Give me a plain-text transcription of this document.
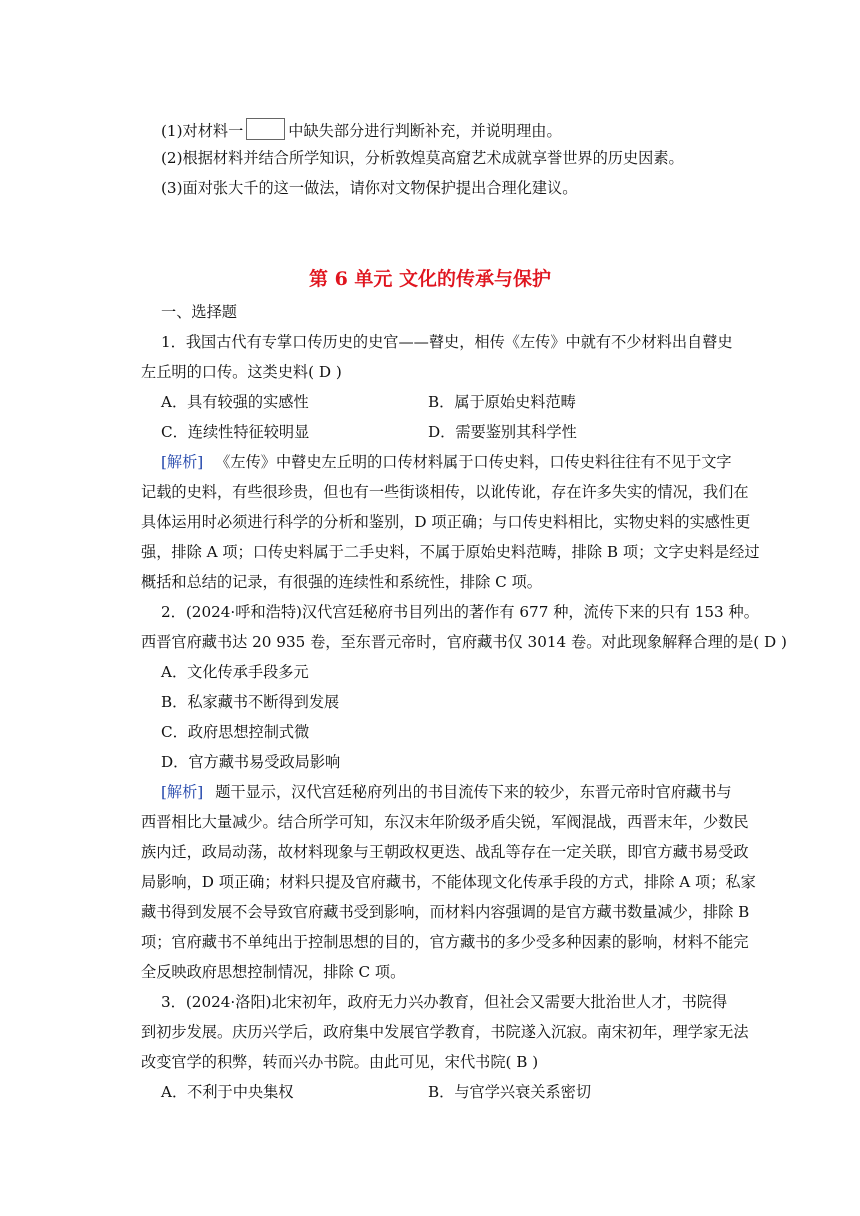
(1)对材料一	中缺失部分进行判断补充，并说明理由。
(2)根据材料并结合所学知识，分析敦煌莫高窟艺术成就享誉世界的历史因素。
(3)面对张大千的这一做法，请你对文物保护提出合理化建议。
第 6 单元 文化的传承与保护
一、选择题
1．我国古代有专掌口传历史的史官——瞽史，相传《左传》中就有不少材料出自瞽史
左丘明的口传。这类史料( D )
A．具有较强的实感性	B．属于原始史料范畴
C．连续性特征较明显	D．需要鉴别其科学性
[解析] 《左传》中瞽史左丘明的口传材料属于口传史料，口传史料往往有不见于文字
记载的史料，有些很珍贵，但也有一些街谈相传，以讹传讹，存在许多失实的情况，我们在
具体运用时必须进行科学的分析和鉴别，D 项正确；与口传史料相比，实物史料的实感性更
强，排除 A 项；口传史料属于二手史料，不属于原始史料范畴，排除 B 项；文字史料是经过
概括和总结的记录，有很强的连续性和系统性，排除 C 项。
2．(2024·呼和浩特)汉代宫廷秘府书目列出的著作有 677 种，流传下来的只有 153 种。
西晋官府藏书达 20 935 卷，至东晋元帝时，官府藏书仅 3014 卷。对此现象解释合理的是( D )
A．文化传承手段多元
B．私家藏书不断得到发展
C．政府思想控制式微
D．官方藏书易受政局影响
[解析] 题干显示，汉代宫廷秘府列出的书目流传下来的较少，东晋元帝时官府藏书与
西晋相比大量减少。结合所学可知，东汉末年阶级矛盾尖锐，军阀混战，西晋末年，少数民
族内迁，政局动荡，故材料现象与王朝政权更迭、战乱等存在一定关联，即官方藏书易受政
局影响，D 项正确；材料只提及官府藏书，不能体现文化传承手段的方式，排除 A 项；私家
藏书得到发展不会导致官府藏书受到影响，而材料内容强调的是官方藏书数量减少，排除 B
项；官府藏书不单纯出于控制思想的目的，官方藏书的多少受多种因素的影响，材料不能完
全反映政府思想控制情况，排除 C 项。
3．(2024·洛阳)北宋初年，政府无力兴办教育，但社会又需要大批治世人才，书院得
到初步发展。庆历兴学后，政府集中发展官学教育，书院遂入沉寂。南宋初年，理学家无法
改变官学的积弊，转而兴办书院。由此可见，宋代书院( B )
A．不利于中央集权	B．与官学兴衰关系密切
